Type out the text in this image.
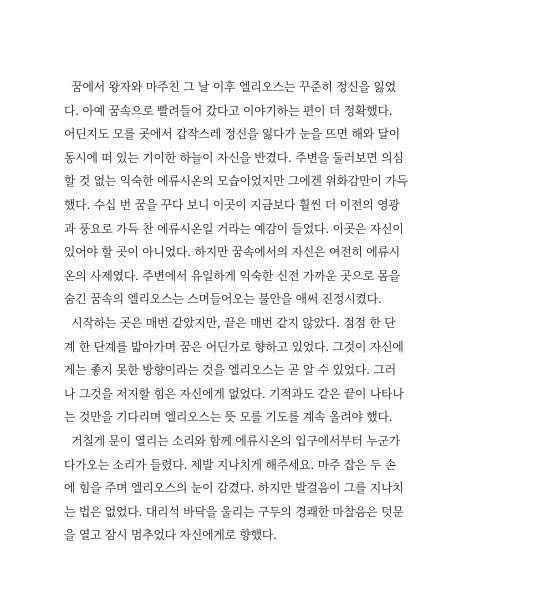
꿈에서 왕자와 마주친 그 날 이후 엘리오스는 꾸준히 정신을 잃었
다. 아예 꿈속으로 빨려들어 갔다고 이야기하는 편이 더 정확했다.
어딘지도 모를 곳에서 갑작스레 정신을 잃다가 눈을 뜨면 해와 달이
동시에 떠 있는 기이한 하늘이 자신을 반겼다. 주변을 둘러보면 의심
할 것 없는 익숙한 에류시온의 모습이었지만 그에겐 위화감만이 가득
했다. 수십 번 꿈을 꾸다 보니 이곳이 지금보다 훨씬 더 이전의 영광
과 풍요로 가득 찬 에류시온일 거라는 예감이 들었다. 이곳은 자신이
있어야 할 곳이 아니었다. 하지만 꿈속에서의 자신은 여전히 에류시
온의 사제였다. 주변에서 유일하게 익숙한 신전 가까운 곳으로 몸을
숨긴 꿈속의 엘리오스는 스며들어오는 불안을 애써 진정시켰다.
시작하는 곳은 매번 같았지만, 끝은 매번 같지 않았다. 점점 한 단
계 한 단계를 밟아가며 꿈은 어딘가로 향하고 있었다. 그것이 자신에
게는 좋지 못한 방향이라는 것을 엘리오스는 곧 알 수 있었다. 그러
나 그것을 저지할 힘은 자신에게 없었다. 기적과도 같은 끝이 나타나
는 것만을 기다리며 엘리오스는 뜻 모를 기도를 계속 올려야 했다.
거칠게 문이 열리는 소리와 함께 에류시온의 입구에서부터 누군가
다가오는 소리가 들렸다. 제발 지나치게 해주세요. 마주 잡은 두 손
에 힘을 주며 엘리오스의 눈이 감겼다. 하지만 발걸음이 그를 지나치
는 법은 없었다. 대리석 바닥을 울리는 구두의 경쾌한 마찰음은 덧문
을 열고 잠시 멈추었다 자신에게로 향했다.
